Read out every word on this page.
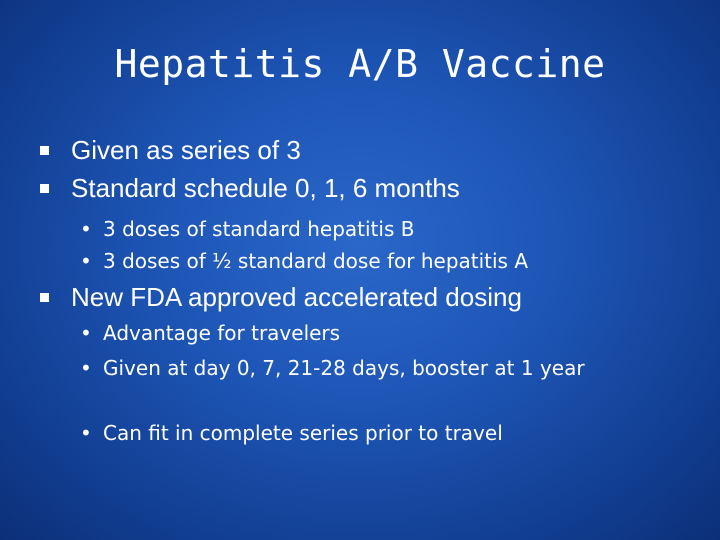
Hepatitis A/B Vaccine
Given as series of 3
Standard schedule 0, 1, 6 months
• 3 doses of standard hepatitis B
• 3 doses of ½ standard dose for hepatitis A
New FDA approved accelerated dosing
• Advantage for travelers
• Given at day 0, 7, 21-28 days, booster at 1 year
• Can fit in complete series prior to travel
